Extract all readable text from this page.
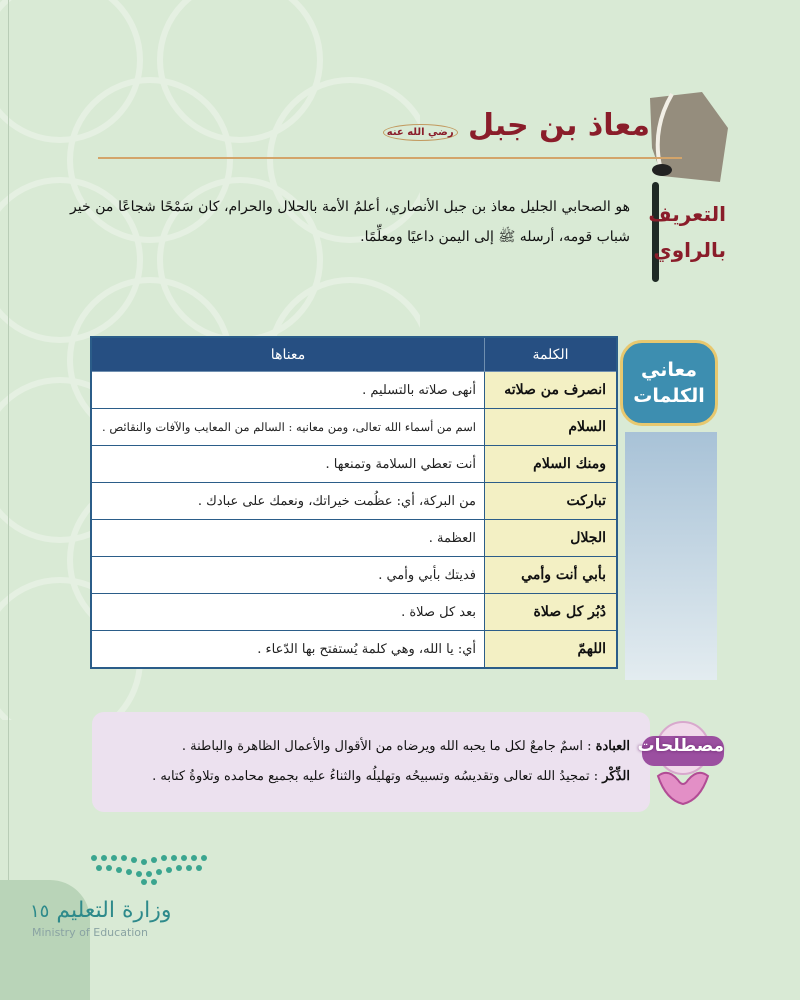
معاذ بن جبل رضي الله عنه
التعريف
بالراوي
هو الصحابي الجليل معاذ بن جبل الأنصاري، أعلمُ الأمة بالحلال والحرام، كان سَمْحًا شجاعًا من خير شباب قومه، أرسله ﷺ إلى اليمن داعيًا ومعلِّمًا.
معاني
الكلمات
الكلمة	معناها
انصرف من صلاته	أنهى صلاته بالتسليم .
السلام	اسم من أسماء الله تعالى، ومن معانيه : السالم من المعايب والآفات والنقائص .
ومنك السلام	أنت تعطي السلامة وتمنعها .
تباركت	من البركة، أي: عظُمت خيراتك، ونعمك على عبادك .
الجلال	العظمة .
بأبي أنت وأمي	فديتك بأبي وأمي .
دُبُر كل صلاة	بعد كل صلاة .
اللهمّ	أي: يا الله، وهي كلمة يُستفتح بها الدّعاء .
مصطلحات
العبادة : اسمٌ جامعٌ لكل ما يحبه الله ويرضاه من الأقوال والأعمال الظاهرة والباطنة .
الذِّكْر : تمجيدُ الله تعالى وتقديسُه وتسبيحُه وتهليلُه والثناءُ عليه بجميع محامده وتلاوةُ كتابه .
وزارة التعليم ١٥
Ministry of Education
